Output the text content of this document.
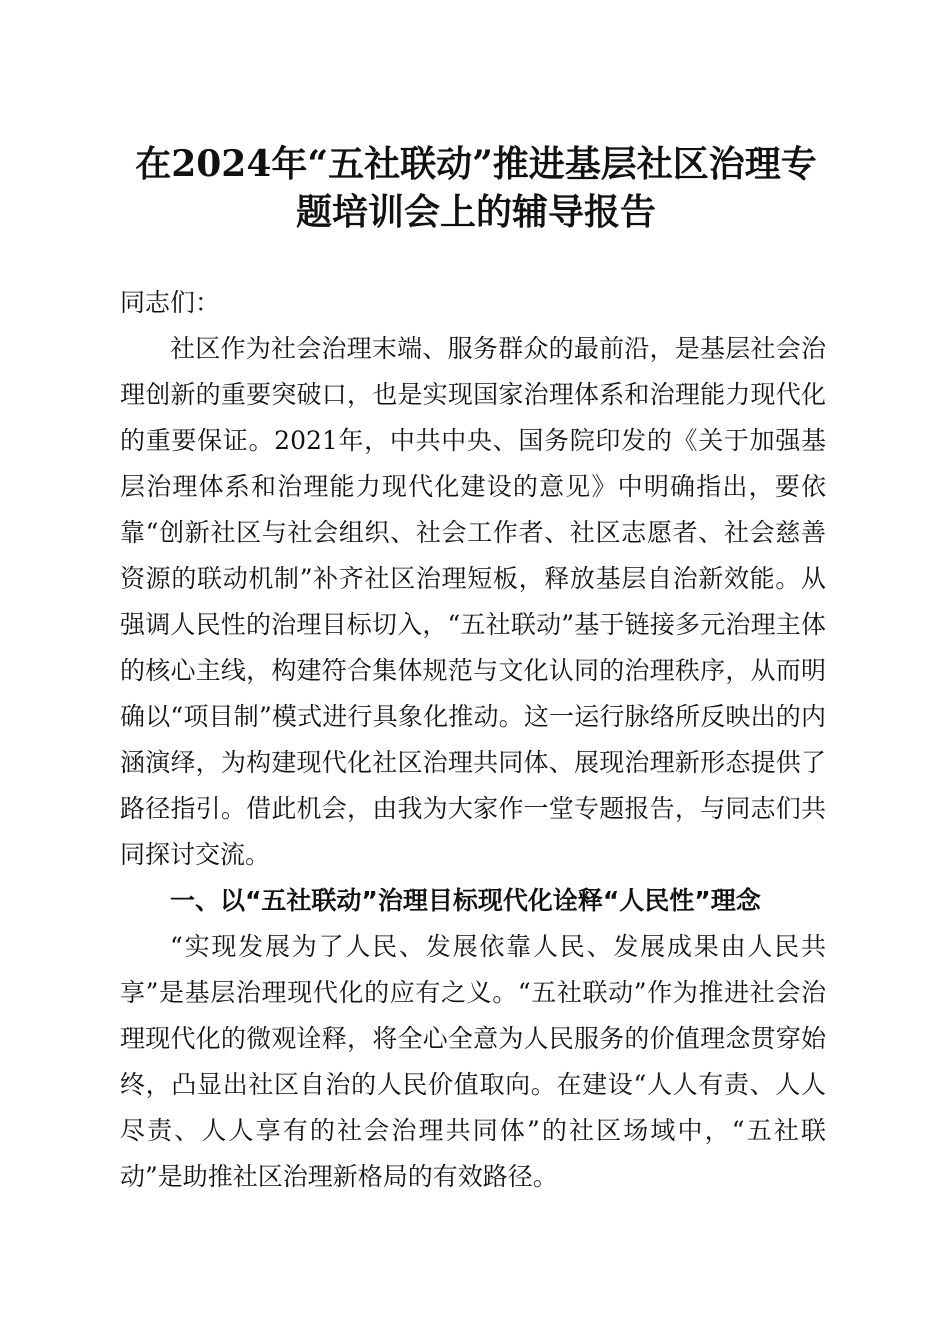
在2024年“五社联动”推进基层社区治理专题培训会上的辅导报告

同志们：

社区作为社会治理末端、服务群众的最前沿，是基层社会治理创新的重要突破口，也是实现国家治理体系和治理能力现代化的重要保证。2021年，中共中央、国务院印发的《关于加强基层治理体系和治理能力现代化建设的意见》中明确指出，要依靠“创新社区与社会组织、社会工作者、社区志愿者、社会慈善资源的联动机制”补齐社区治理短板，释放基层自治新效能。从强调人民性的治理目标切入，“五社联动”基于链接多元治理主体的核心主线，构建符合集体规范与文化认同的治理秩序，从而明确以“项目制”模式进行具象化推动。这一运行脉络所反映出的内涵演绎，为构建现代化社区治理共同体、展现治理新形态提供了路径指引。借此机会，由我为大家作一堂专题报告，与同志们共同探讨交流。

一、以“五社联动”治理目标现代化诠释“人民性”理念

“实现发展为了人民、发展依靠人民、发展成果由人民共享”是基层治理现代化的应有之义。“五社联动”作为推进社会治理现代化的微观诠释，将全心全意为人民服务的价值理念贯穿始终，凸显出社区自治的人民价值取向。在建设“人人有责、人人尽责、人人享有的社会治理共同体”的社区场域中，“五社联动”是助推社区治理新格局的有效路径。
